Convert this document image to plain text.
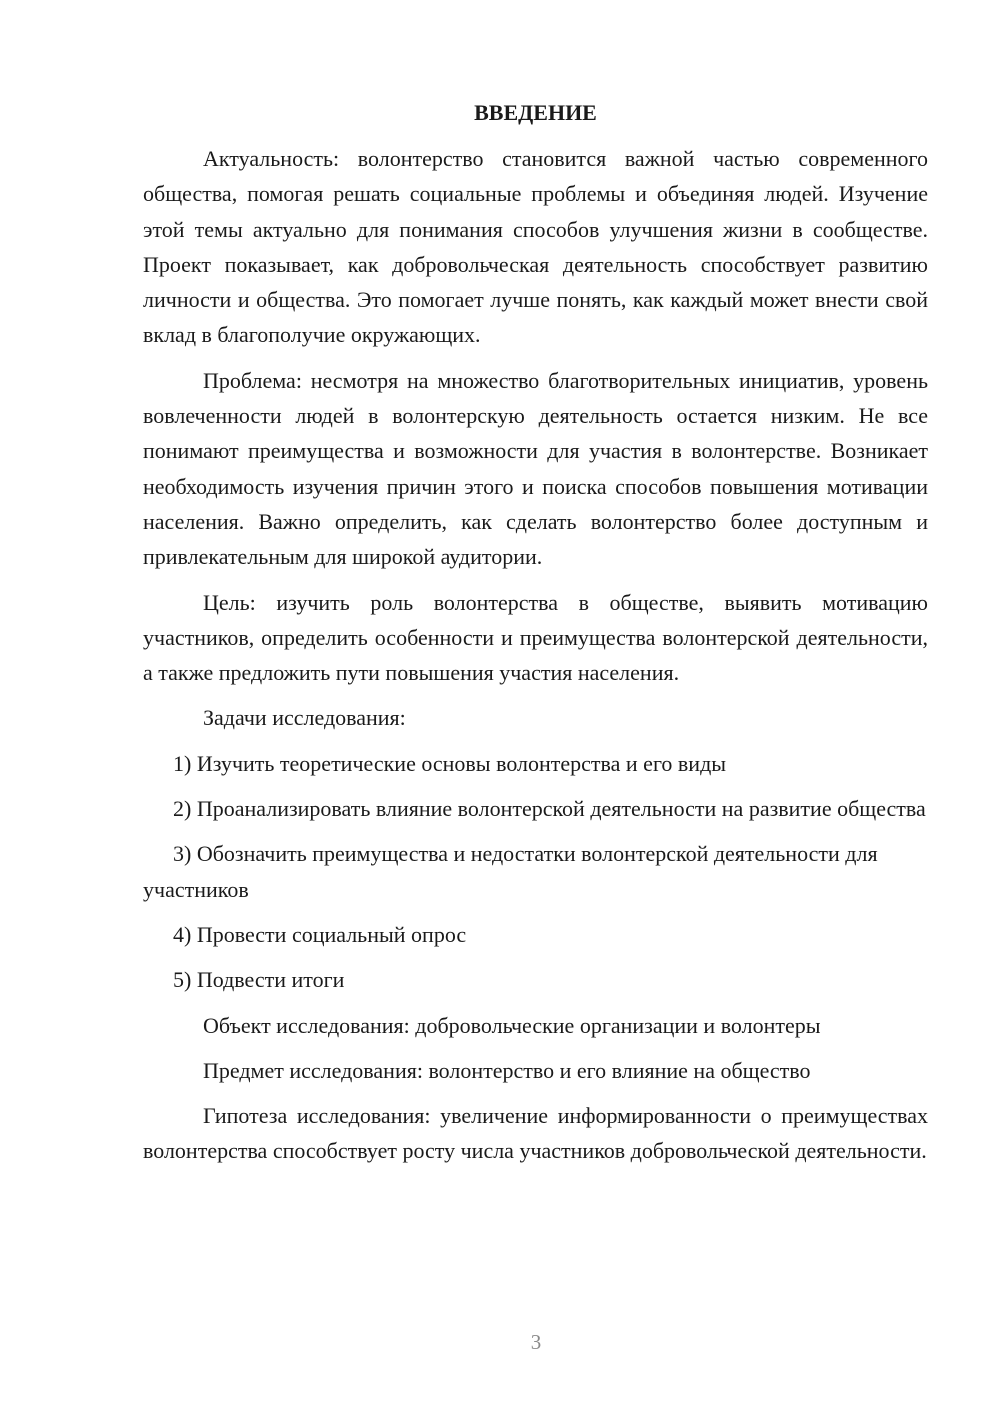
ВВЕДЕНИЕ

Актуальность: волонтерство становится важной частью современного общества, помогая решать социальные проблемы и объединяя людей. Изучение этой темы актуально для понимания способов улучшения жизни в сообществе. Проект показывает, как добровольческая деятельность способствует развитию личности и общества. Это помогает лучше понять, как каждый может внести свой вклад в благополучие окружающих.

Проблема: несмотря на множество благотворительных инициатив, уровень вовлеченности людей в волонтерскую деятельность остается низким. Не все понимают преимущества и возможности для участия в волонтерстве. Возникает необходимость изучения причин этого и поиска способов повышения мотивации населения. Важно определить, как сделать волонтерство более доступным и привлекательным для широкой аудитории.

Цель: изучить роль волонтерства в обществе, выявить мотивацию участников, определить особенности и преимущества волонтерской деятельности, а также предложить пути повышения участия населения.

Задачи исследования:

1) Изучить теоретические основы волонтерства и его виды

2) Проанализировать влияние волонтерской деятельности на развитие общества

3) Обозначить преимущества и недостатки волонтерской деятельности для участников

4) Провести социальный опрос

5) Подвести итоги

Объект исследования: добровольческие организации и волонтеры

Предмет исследования: волонтерство и его влияние на общество

Гипотеза исследования: увеличение информированности о преимуществах волонтерства способствует росту числа участников добровольческой деятельности.

3
